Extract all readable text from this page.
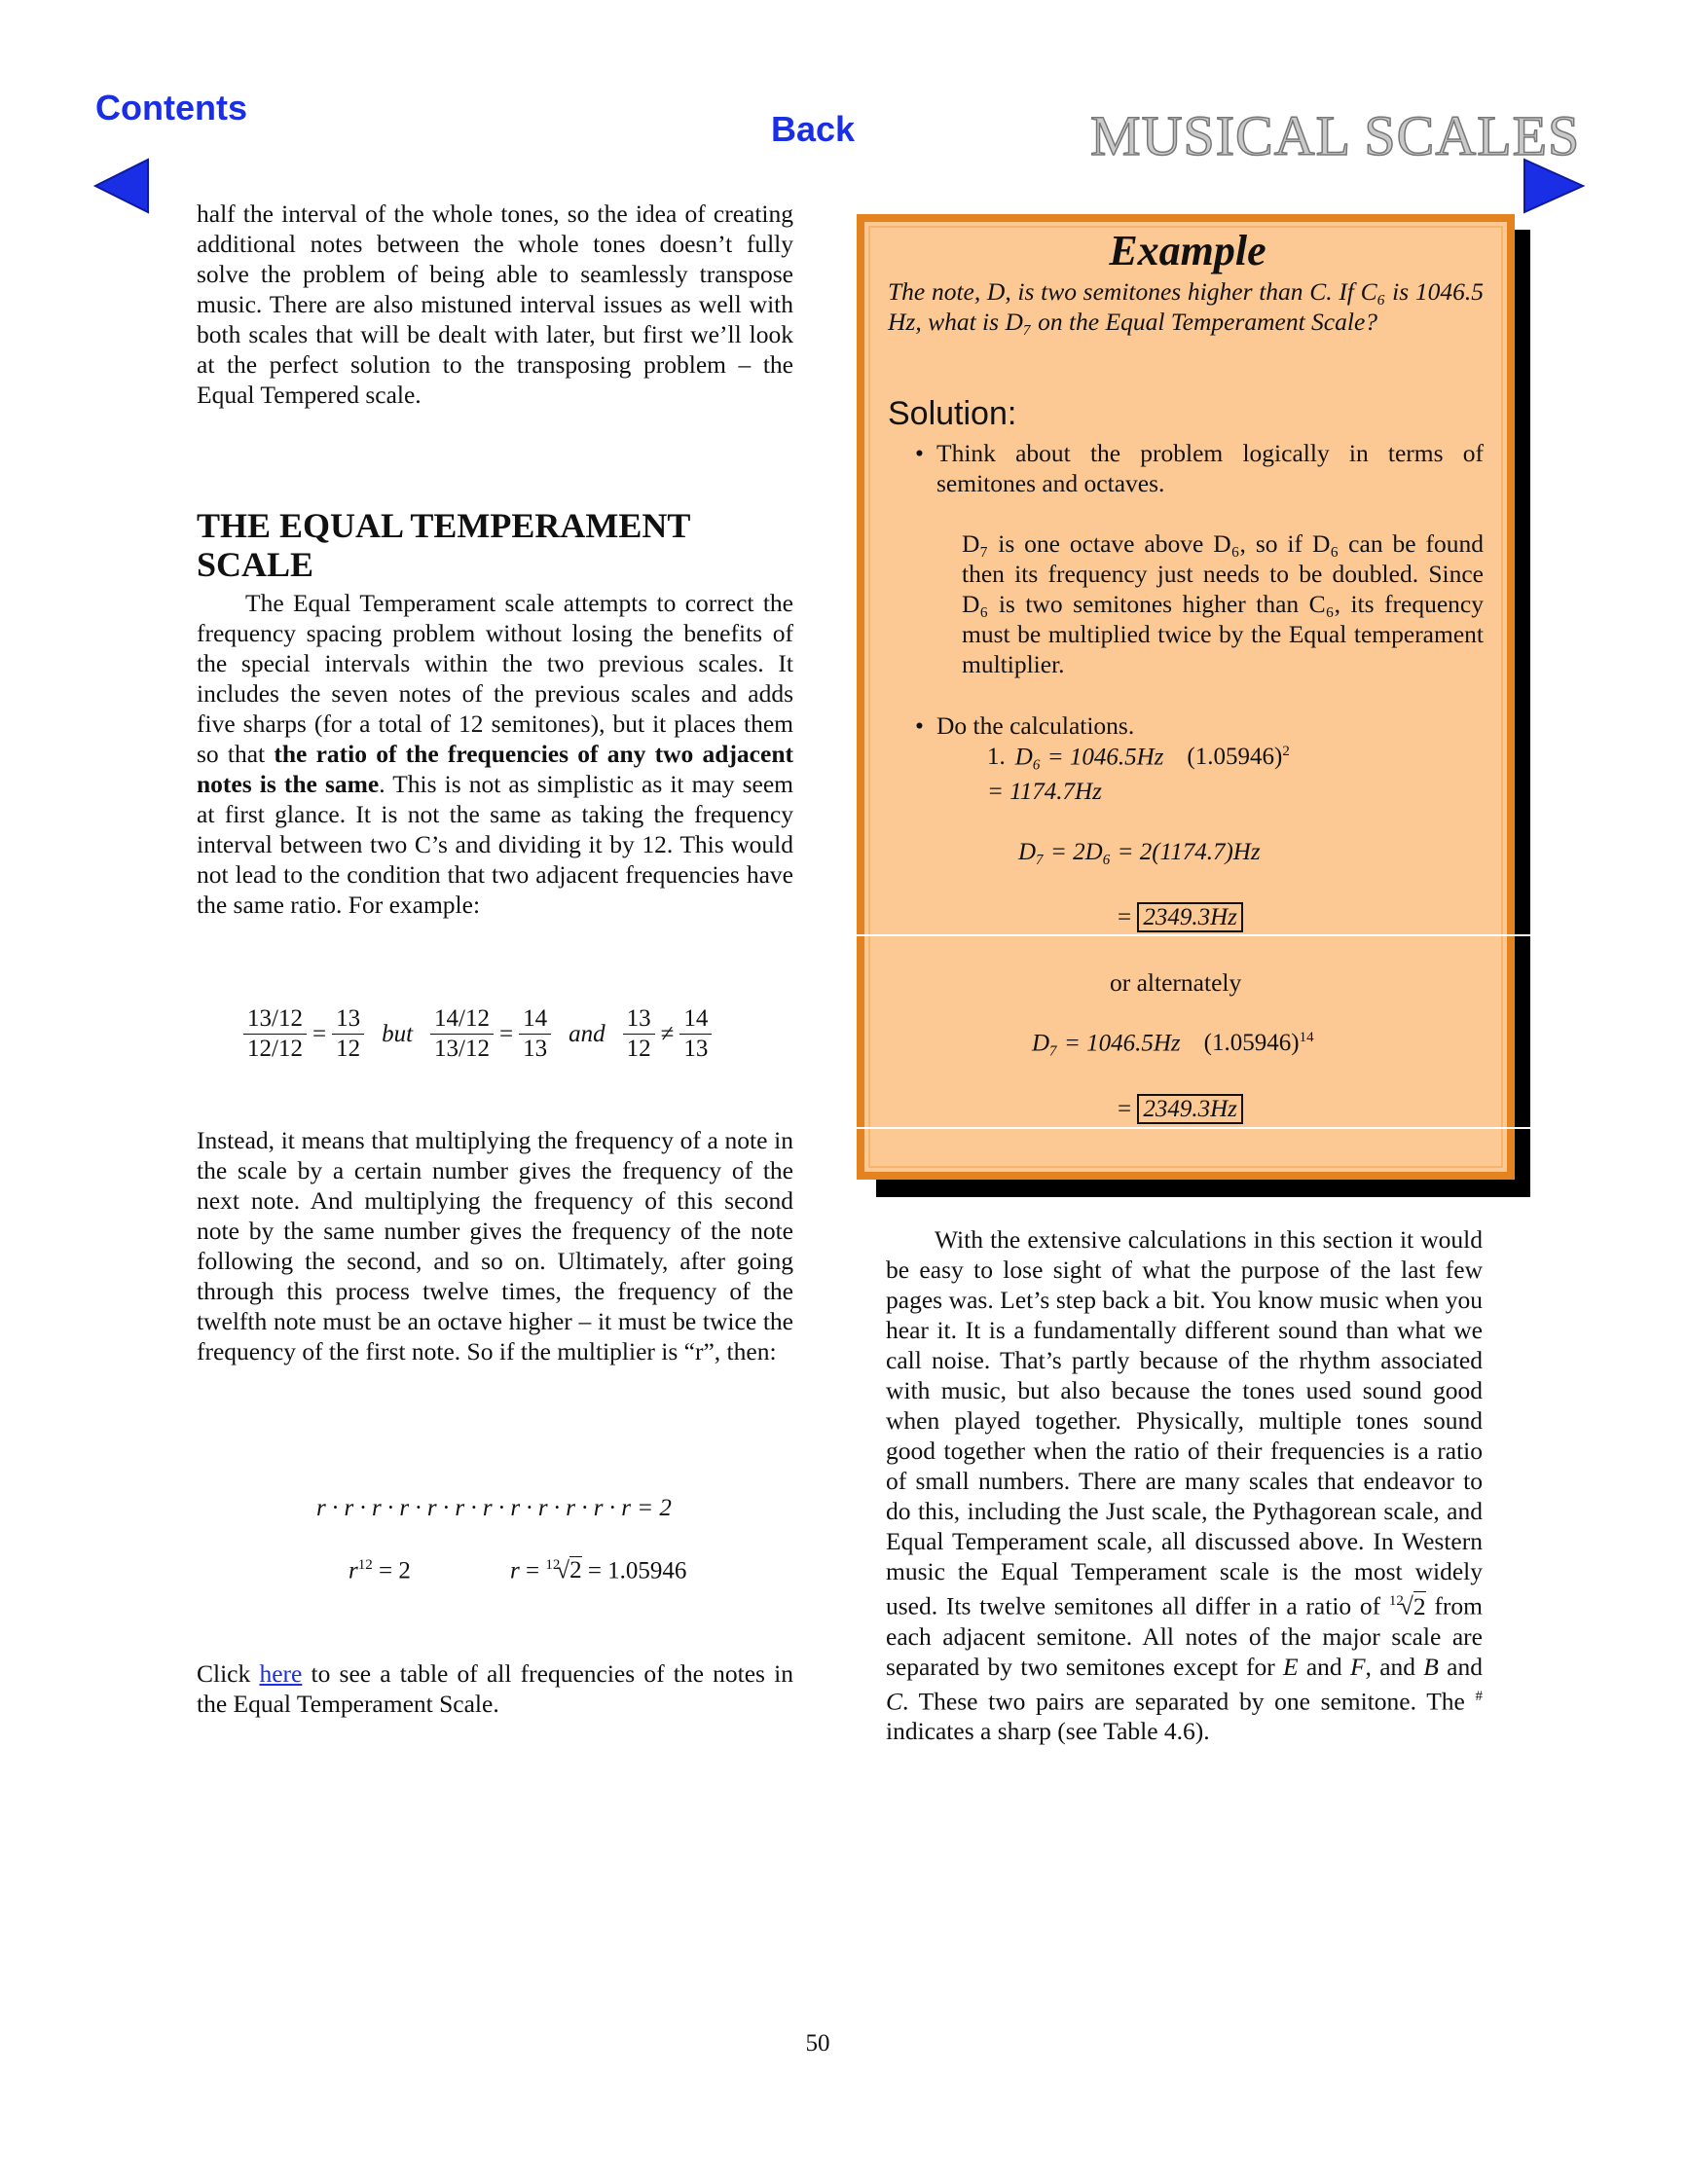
Contents
Back	MUSICAL SCALES

half the interval of the whole tones, so the idea of creating additional notes between the whole tones doesn’t fully solve the problem of being able to seamlessly transpose music. There are also mistuned interval issues as well with both scales that will be dealt with later, but first we’ll look at the perfect solution to the transposing problem – the Equal Tempered scale.

THE EQUAL TEMPERAMENT
SCALE

The Equal Temperament scale attempts to correct the frequency spacing problem without losing the benefits of the special intervals within the two previous scales. It includes the seven notes of the previous scales and adds five sharps (for a total of 12 semitones), but it places them so that the ratio of the frequencies of any two adjacent notes is the same. This is not as simplistic as it may seem at first glance. It is not the same as taking the frequency interval between two C’s and dividing it by 12. This would not lead to the condition that two adjacent frequencies have the same ratio. For example:

$\frac{13/12}{12/12} = \frac{13}{12}$ but $\frac{14/12}{13/12} = \frac{14}{13}$ and $\frac{13}{12} \ne \frac{14}{13}$

Instead, it means that multiplying the frequency of a note in the scale by a certain number gives the frequency of the next note. And multiplying the frequency of this second note by the same number gives the frequency of the note following the second, and so on. Ultimately, after going through this process twelve times, the frequency of the twelfth note must be an octave higher – it must be twice the frequency of the first note. So if the multiplier is “r”, then:

r · r · r · r · r · r · r · r · r · r · r · r = 2
$r^{12} = 2$	r = $^{12}$√2 = 1.05946

Click here to see a table of all frequencies of the notes in the Equal Temperament Scale.

Example
The note, D, is two semitones higher than C. If C₆ is 1046.5 Hz, what is D₇ on the Equal Temperament Scale?
Solution:
• Think about the problem logically in terms of semitones and octaves.
D₇ is one octave above D₆, so if D₆ can be found then its frequency just needs to be doubled. Since D₆ is two semitones higher than C₆, its frequency must be multiplied twice by the Equal temperament multiplier.
• Do the calculations.
1. D₆ = 1046.5Hz $(1.05946)^2$
= 1174.7Hz
D₇ = 2D₆ = 2(1174.7)Hz
= 2349.3Hz
or alternately
D₇ = 1046.5Hz $(1.05946)^{14}$
= 2349.3Hz

With the extensive calculations in this section it would be easy to lose sight of what the purpose of the last few pages was. Let’s step back a bit. You know music when you hear it. It is a fundamentally different sound than what we call noise. That’s partly because of the rhythm associated with music, but also because the tones used sound good when played together. Physically, multiple tones sound good together when the ratio of their frequencies is a ratio of small numbers. There are many scales that endeavor to do this, including the Just scale, the Pythagorean scale, and Equal Temperament scale, all discussed above. In Western music the Equal Temperament scale is the most widely used. Its twelve semitones all differ in a ratio of $^{12}$√2 from each adjacent semitone. All notes of the major scale are separated by two semitones except for E and F, and B and C. These two pairs are separated by one semitone. The # indicates a sharp (see Table 4.6).

50
